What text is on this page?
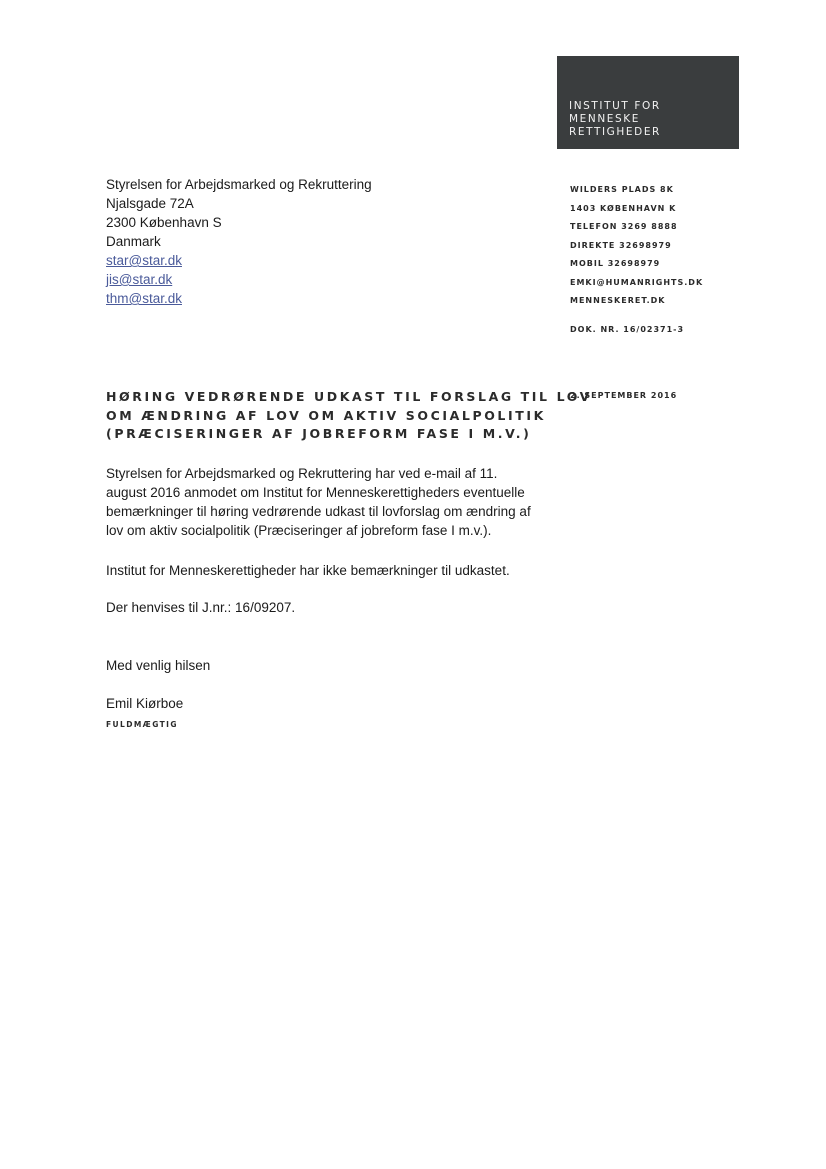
INSTITUT FOR
MENNESKE
RETTIGHEDER
Styrelsen for Arbejdsmarked og Rekruttering
Njalsgade 72A
2300 København S
Danmark
star@star.dk
jis@star.dk
thm@star.dk
WILDERS PLADS 8K
1403 KØBENHAVN K
TELEFON 3269 8888
DIREKTE 32698979
MOBIL 32698979
EMKI@HUMANRIGHTS.DK
MENNESKERET.DK
DOK. NR. 16/02371-3
HØRING VEDRØRENDE UDKAST TIL FORSLAG TIL LOV
OM ÆNDRING AF LOV OM AKTIV SOCIALPOLITIK
(PRÆCISERINGER AF JOBREFORM FASE I M.V.)
2. SEPTEMBER 2016
Styrelsen for Arbejdsmarked og Rekruttering har ved e-mail af 11.
august 2016 anmodet om Institut for Menneskerettigheders eventuelle
bemærkninger til høring vedrørende udkast til lovforslag om ændring af
lov om aktiv socialpolitik (Præciseringer af jobreform fase I m.v.).
Institut for Menneskerettigheder har ikke bemærkninger til udkastet.
Der henvises til J.nr.: 16/09207.
Med venlig hilsen
Emil Kiørboe
FULDMÆGTIG
